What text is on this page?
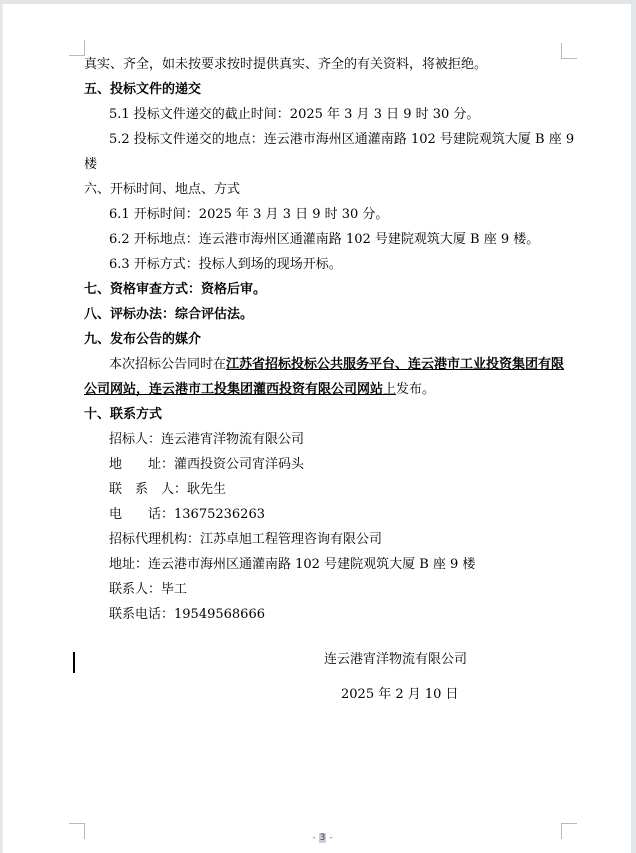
真实、齐全，如未按要求按时提供真实、齐全的有关资料，将被拒绝。
五、投标文件的递交
5.1 投标文件递交的截止时间：2025 年 3 月 3 日 9 时 30 分。
5.2 投标文件递交的地点：连云港市海州区通灌南路 102 号建院观筑大厦 B 座 9
楼
六、开标时间、地点、方式
6.1 开标时间：2025 年 3 月 3 日 9 时 30 分。
6.2 开标地点：连云港市海州区通灌南路 102 号建院观筑大厦 B 座 9 楼。
6.3 开标方式：投标人到场的现场开标。
七、资格审查方式：资格后审。
八、评标办法：综合评估法。
九、发布公告的媒介
本次招标公告同时在江苏省招标投标公共服务平台、连云港市工业投资集团有限
公司网站，连云港市工投集团灌西投资有限公司网站上发布。
十、联系方式
招标人：连云港宵洋物流有限公司
地　　址：灌西投资公司宵洋码头
联　系　人：耿先生
电　　话：13675236263
招标代理机构：江苏卓旭工程管理咨询有限公司
地址：连云港市海州区通灌南路 102 号建院观筑大厦 B 座 9 楼
联系人：毕工
联系电话：19549568666
连云港宵洋物流有限公司
2025 年 2 月 10 日
- 3 -
